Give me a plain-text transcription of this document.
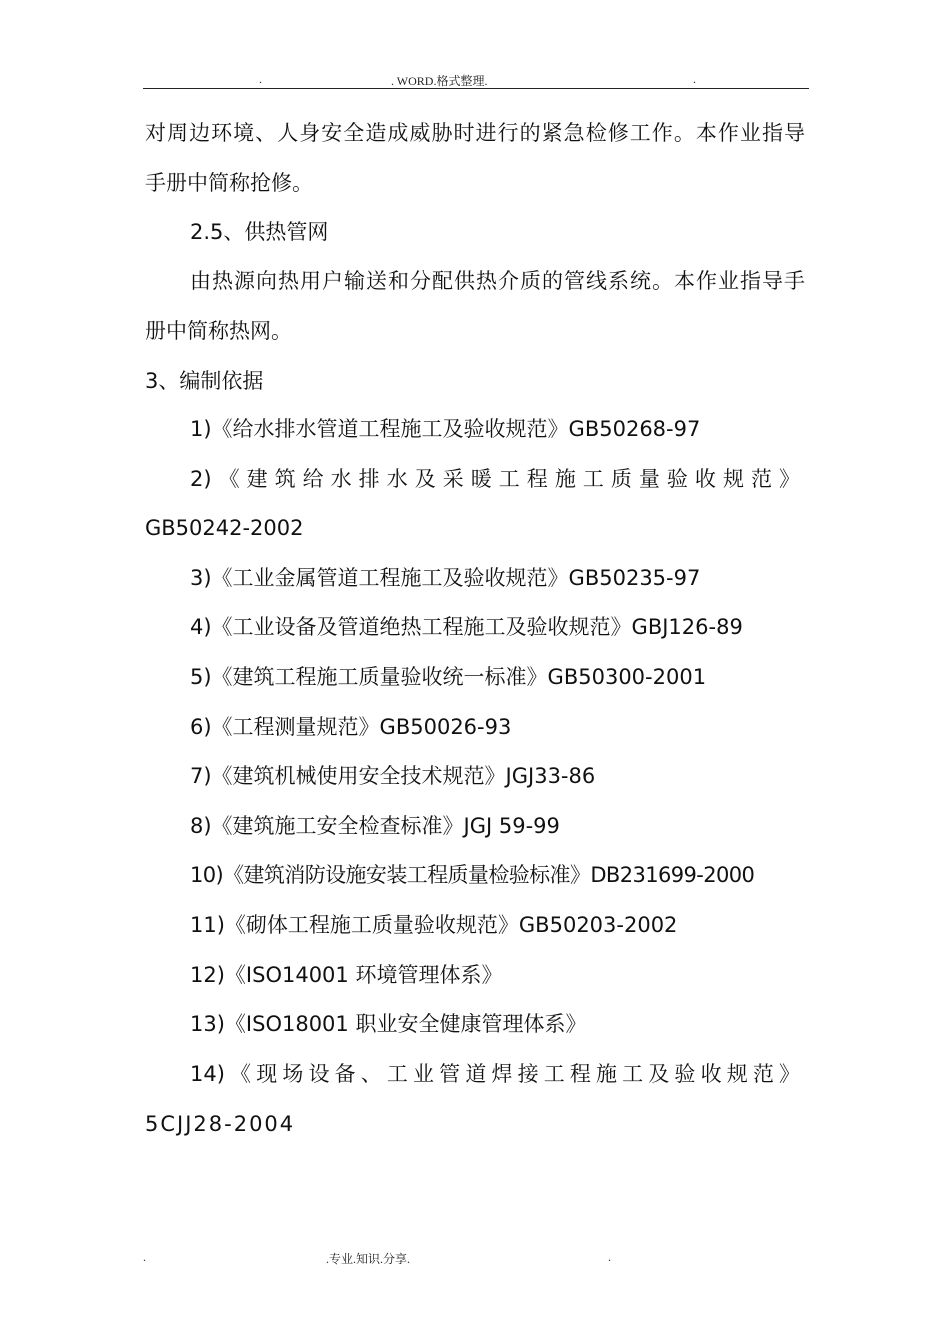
.	. WORD.格式整理.	.
对周边环境、人身安全造成威胁时进行的紧急检修工作。本作业指导
手册中简称抢修。
2.5、供热管网
由热源向热用户输送和分配供热介质的管线系统。本作业指导手
册中简称热网。
3、编制依据
1)《给水排水管道工程施工及验收规范》GB50268-97
2)《建筑给水排水及采暖工程施工质量验收规范》
GB50242-2002
3)《工业金属管道工程施工及验收规范》GB50235-97
4)《工业设备及管道绝热工程施工及验收规范》GBJ126-89
5)《建筑工程施工质量验收统一标准》GB50300-2001
6)《工程测量规范》GB50026-93
7)《建筑机械使用安全技术规范》JGJ33-86
8)《建筑施工安全检查标准》JGJ 59-99
10)《建筑消防设施安装工程质量检验标准》DB231699-2000
11)《砌体工程施工质量验收规范》GB50203-2002
12)《ISO14001 环境管理体系》
13)《ISO18001 职业安全健康管理体系》
14)《现场设备、工业管道焊接工程施工及验收规范》
5CJJ28-2004
.	.专业.知识.分享.	.
